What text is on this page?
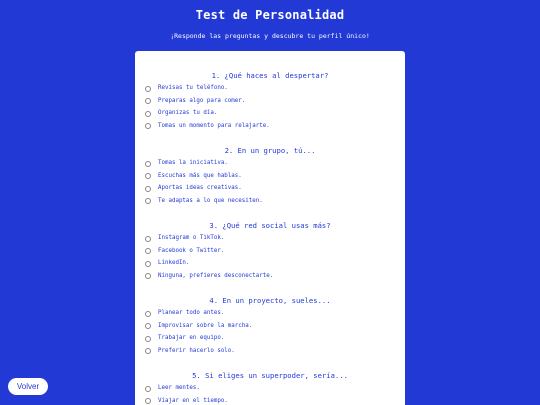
Test de Personalidad
¡Responde las preguntas y descubre tu perfil único!
1. ¿Qué haces al despertar?
Revisas tu teléfono.
Preparas algo para comer.
Organizas tu día.
Tomas un momento para relajarte.
2. En un grupo, tú...
Tomas la iniciativa.
Escuchas más que hablas.
Aportas ideas creativas.
Te adaptas a lo que necesiten.
3. ¿Qué red social usas más?
Instagram o TikTok.
Facebook o Twitter.
LinkedIn.
Ninguna, prefieres desconectarte.
4. En un proyecto, sueles...
Planear todo antes.
Improvisar sobre la marcha.
Trabajar en equipo.
Preferir hacerlo solo.
5. Si eliges un superpoder, sería...
Leer mentes.
Viajar en el tiempo.
Volver
